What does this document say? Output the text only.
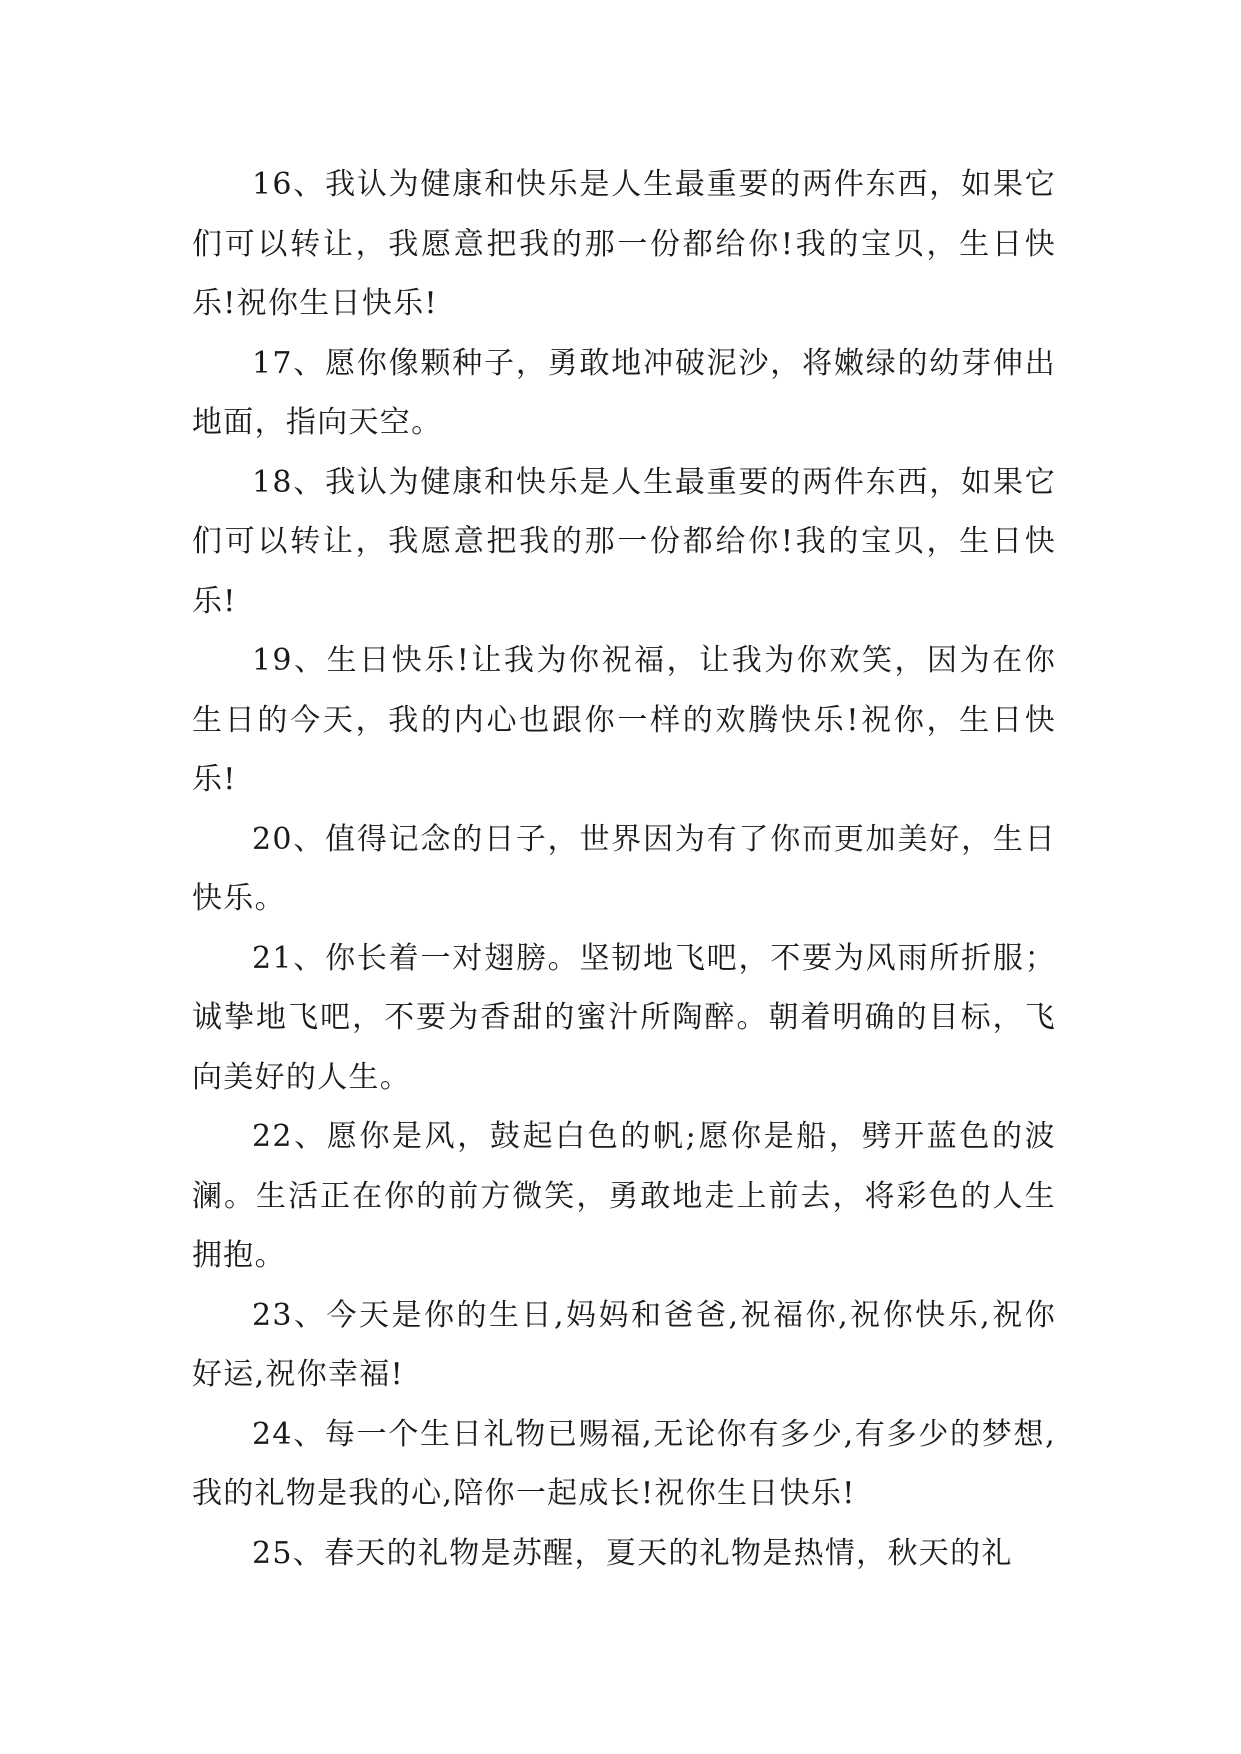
16、我认为健康和快乐是人生最重要的两件东西，如果它们可以转让，我愿意把我的那一份都给你!我的宝贝，生日快乐!祝你生日快乐!

17、愿你像颗种子，勇敢地冲破泥沙，将嫩绿的幼芽伸出地面，指向天空。

18、我认为健康和快乐是人生最重要的两件东西，如果它们可以转让，我愿意把我的那一份都给你!我的宝贝，生日快乐!

19、生日快乐!让我为你祝福，让我为你欢笑，因为在你生日的今天，我的内心也跟你一样的欢腾快乐!祝你，生日快乐!

20、值得记念的日子，世界因为有了你而更加美好，生日快乐。

21、你长着一对翅膀。坚韧地飞吧，不要为风雨所折服；诚挚地飞吧，不要为香甜的蜜汁所陶醉。朝着明确的目标，飞向美好的人生。

22、愿你是风，鼓起白色的帆;愿你是船，劈开蓝色的波澜。生活正在你的前方微笑，勇敢地走上前去，将彩色的人生拥抱。

23、今天是你的生日,妈妈和爸爸,祝福你,祝你快乐,祝你好运,祝你幸福!

24、每一个生日礼物已赐福,无论你有多少,有多少的梦想,我的礼物是我的心,陪你一起成长!祝你生日快乐!

25、春天的礼物是苏醒，夏天的礼物是热情，秋天的礼
